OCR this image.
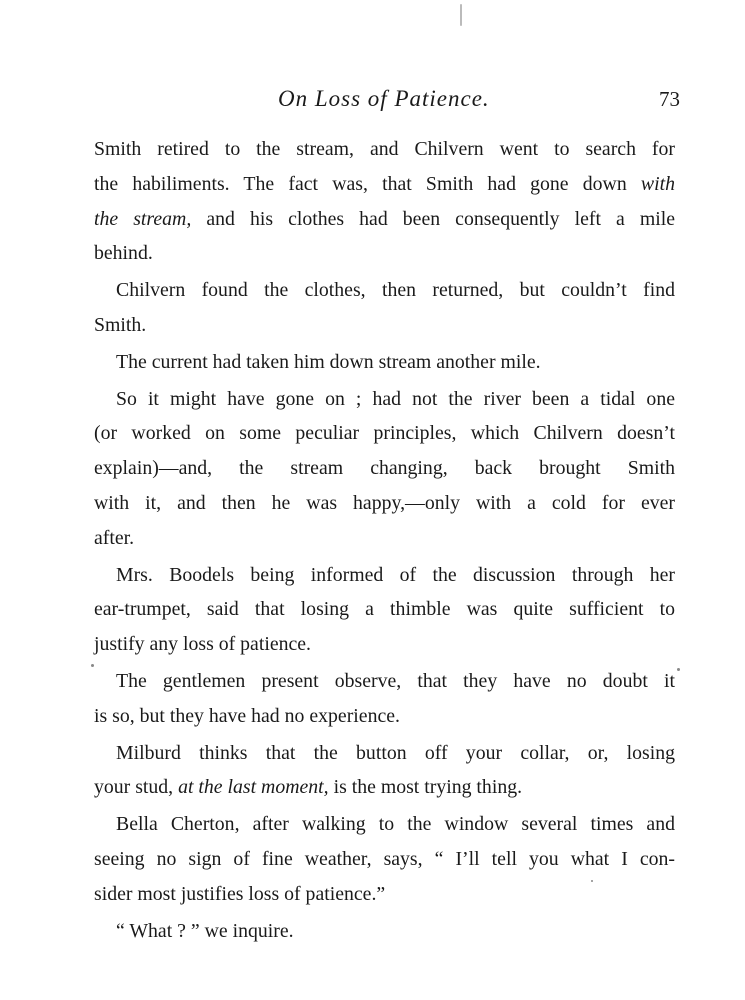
On Loss of Patience.	73

Smith retired to the stream, and Chilvern went to search for
the habiliments. The fact was, that Smith had gone down with
the stream, and his clothes had been consequently left a mile
behind.

Chilvern found the clothes, then returned, but couldn’t find
Smith.

The current had taken him down stream another mile.

So it might have gone on ; had not the river been a tidal one
(or worked on some peculiar principles, which Chilvern doesn’t
explain)—and, the stream changing, back brought Smith
with it, and then he was happy,—only with a cold for ever
after.

Mrs. Boodels being informed of the discussion through her
ear-trumpet, said that losing a thimble was quite sufficient to
justify any loss of patience.

The gentlemen present observe, that they have no doubt it
is so, but they have had no experience.

Milburd thinks that the button off your collar, or, losing
your stud, at the last moment, is the most trying thing.

Bella Cherton, after walking to the window several times and
seeing no sign of fine weather, says, “ I’ll tell you what I con-
sider most justifies loss of patience.”

“ What ? ” we inquire.
